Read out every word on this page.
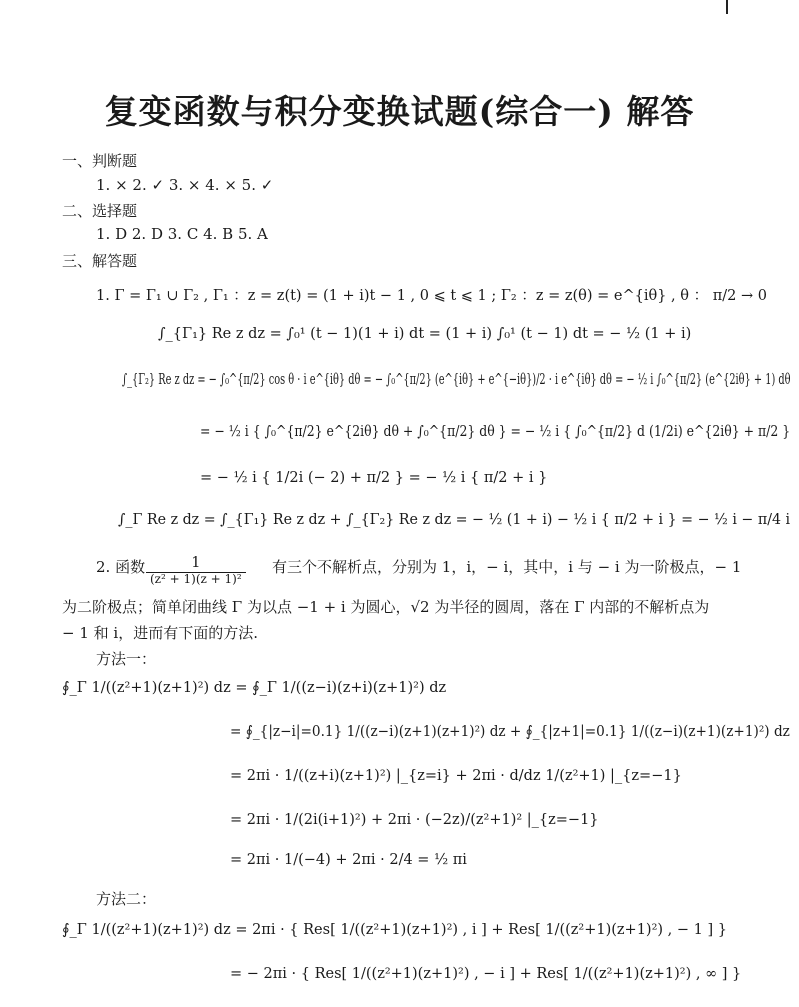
复变函数与积分变换试题(综合一) 解答
一、判断题
1. × 2. ✓ 3. × 4. × 5. ✓
二、选择题
1. D 2. D 3. C 4. B 5. A
三、解答题
1. Γ = Γ₁ ∪ Γ₂ , Γ₁ ：z = z(t) = (1 + i)t − 1 , 0 ⩽ t ⩽ 1 ; Γ₂ ：z = z(θ) = e^{iθ} , θ ： π/2 → 0
∫_{Γ₁} Re z dz = ∫₀¹ (t − 1)(1 + i) dt = (1 + i) ∫₀¹ (t − 1) dt = − ½ (1 + i)
∫_{Γ₂} Re z dz = − ∫₀^{π/2} cos θ · i e^{iθ} dθ = − ∫₀^{π/2} (e^{iθ} + e^{−iθ})/2 · i e^{iθ} dθ = − ½ i ∫₀^{π/2} (e^{2iθ} + 1) dθ
= − ½ i { ∫₀^{π/2} e^{2iθ} dθ + ∫₀^{π/2} dθ } = − ½ i { ∫₀^{π/2} d (1/2i) e^{2iθ} + π/2 }
= − ½ i { 1/2i (− 2) + π/2 } = − ½ i { π/2 + i }
∫_Γ Re z dz = ∫_{Γ₁} Re z dz + ∫_{Γ₂} Re z dz = − ½ (1 + i) − ½ i { π/2 + i } = − ½ i − π/4 i
2. 函数	1
(z² + 1)(z + 1)²
有三个不解析点，分别为 1，i，− i，其中，i 与 − i 为一阶极点，− 1
为二阶极点；简单闭曲线 Γ 为以点 −1 + i 为圆心，√2 为半径的圆周，落在 Γ 内部的不解析点为
− 1 和 i，进而有下面的方法.
方法一：
∮_Γ 1/((z²+1)(z+1)²) dz = ∮_Γ 1/((z−i)(z+i)(z+1)²) dz
= ∮_{|z−i|=0.1} 1/((z−i)(z+1)(z+1)²) dz + ∮_{|z+1|=0.1} 1/((z−i)(z+1)(z+1)²) dz
= 2πi · 1/((z+i)(z+1)²) |_{z=i} + 2πi · d/dz 1/(z²+1) |_{z=−1}
= 2πi · 1/(2i(i+1)²) + 2πi · (−2z)/(z²+1)² |_{z=−1}
= 2πi · 1/(−4) + 2πi · 2/4 = ½ πi
方法二：
∮_Γ 1/((z²+1)(z+1)²) dz = 2πi · { Res[ 1/((z²+1)(z+1)²) , i ] + Res[ 1/((z²+1)(z+1)²) , − 1 ] }
= − 2πi · { Res[ 1/((z²+1)(z+1)²) , − i ] + Res[ 1/((z²+1)(z+1)²) , ∞ ] }
